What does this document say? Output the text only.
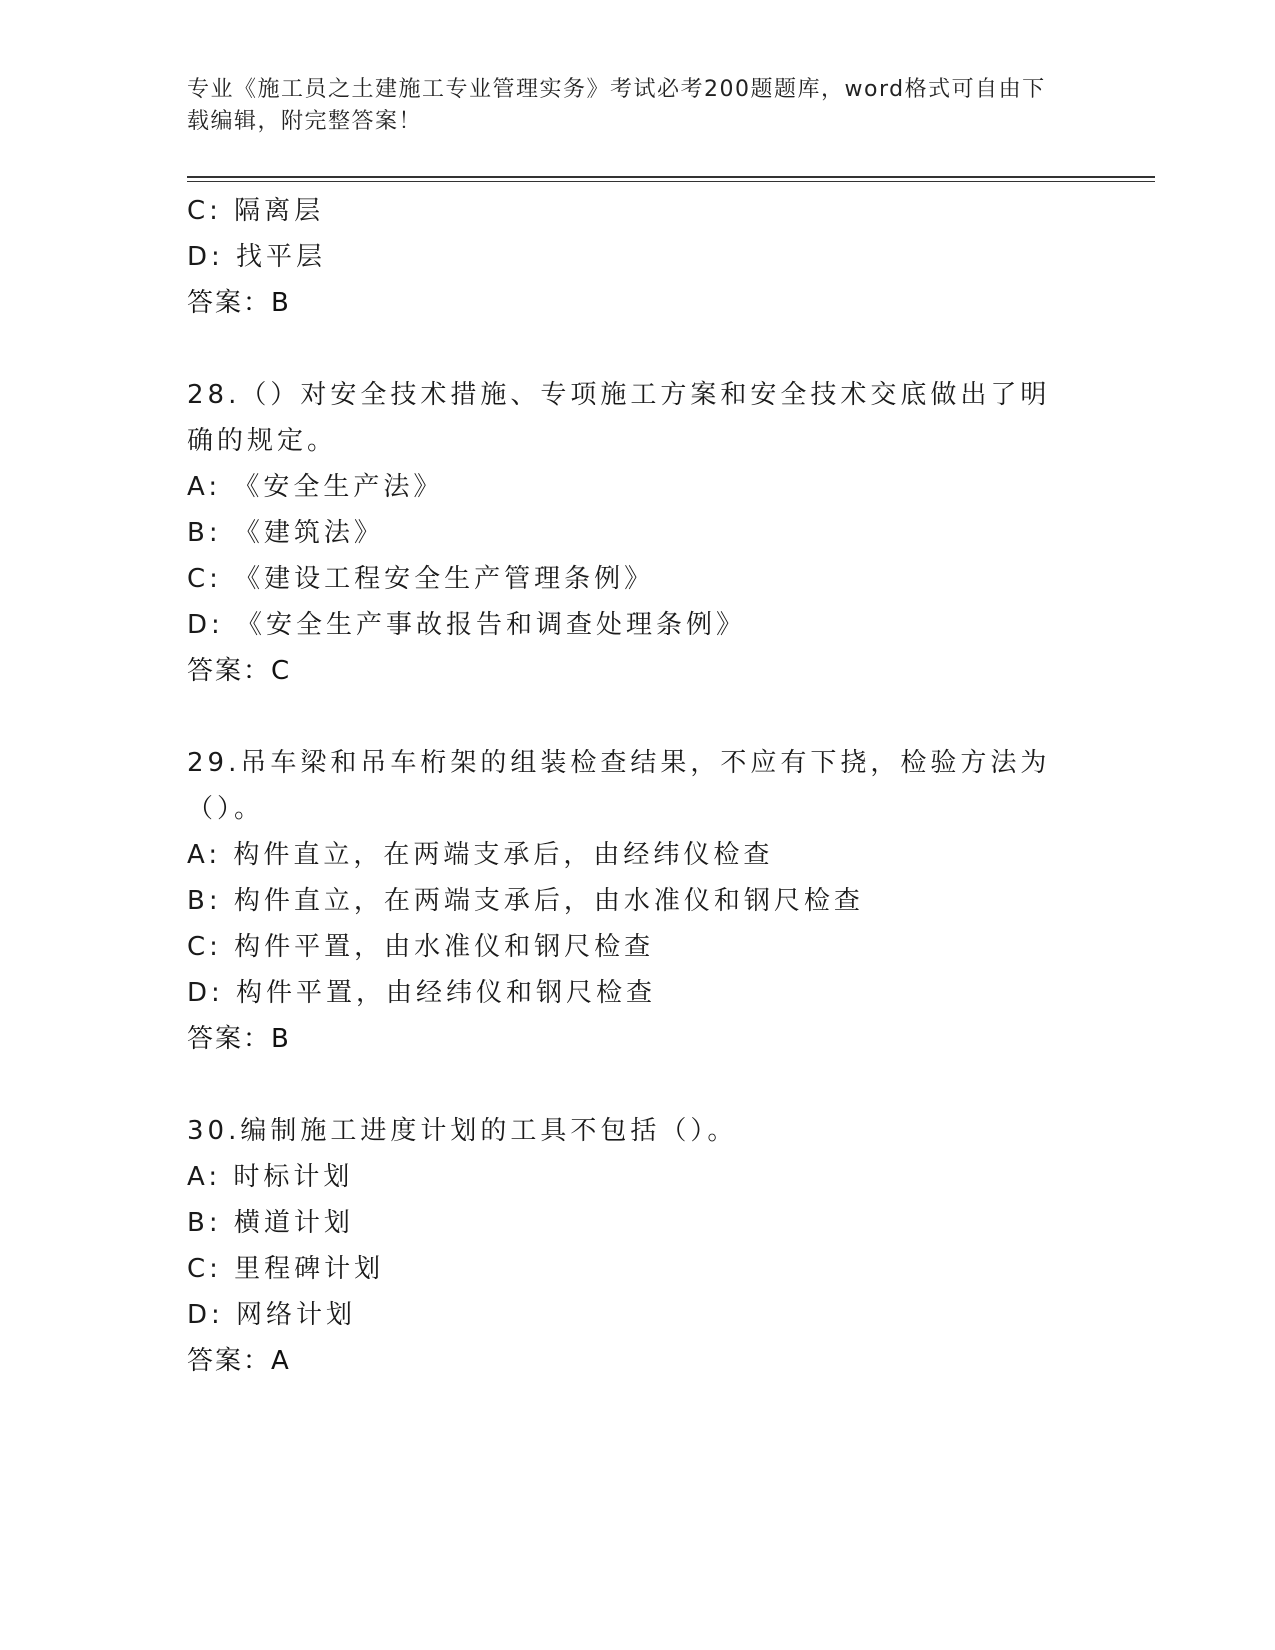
专业《施工员之土建施工专业管理实务》考试必考200题题库，word格式可自由下载编辑，附完整答案！
C: 隔离层
D: 找平层
答案：B
28.（）对安全技术措施、专项施工方案和安全技术交底做出了明确的规定。
A: 《安全生产法》
B: 《建筑法》
C: 《建设工程安全生产管理条例》
D: 《安全生产事故报告和调查处理条例》
答案：C
29.吊车梁和吊车桁架的组装检查结果，不应有下挠，检验方法为（）。
A: 构件直立，在两端支承后，由经纬仪检查
B: 构件直立，在两端支承后，由水准仪和钢尺检查
C: 构件平置，由水准仪和钢尺检查
D: 构件平置，由经纬仪和钢尺检查
答案：B
30.编制施工进度计划的工具不包括（）。
A: 时标计划
B: 横道计划
C: 里程碑计划
D: 网络计划
答案：A
